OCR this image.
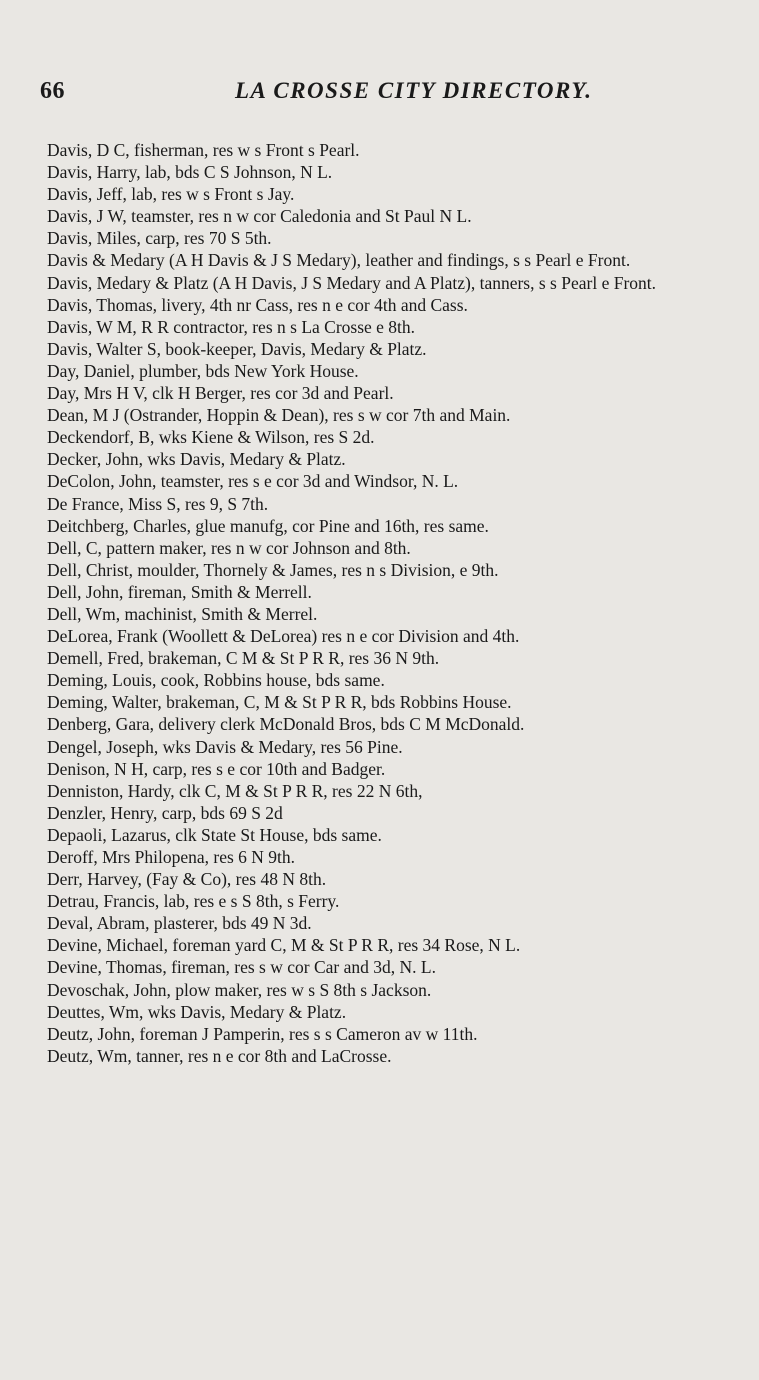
66	LA CROSSE CITY DIRECTORY.
Davis, D C, fisherman, res w s Front s Pearl.
Davis, Harry, lab, bds C S Johnson, N L.
Davis, Jeff, lab, res w s Front s Jay.
Davis, J W, teamster, res n w cor Caledonia and St Paul N L.
Davis, Miles, carp, res 70 S 5th.
Davis & Medary (A H Davis & J S Medary), leather and findings, s s Pearl e Front.
Davis, Medary & Platz (A H Davis, J S Medary and A Platz), tanners, s s Pearl e Front.
Davis, Thomas, livery, 4th nr Cass, res n e cor 4th and Cass.
Davis, W M, R R contractor, res n s La Crosse e 8th.
Davis, Walter S, book-keeper, Davis, Medary & Platz.
Day, Daniel, plumber, bds New York House.
Day, Mrs H V, clk H Berger, res cor 3d and Pearl.
Dean, M J (Ostrander, Hoppin & Dean), res s w cor 7th and Main.
Deckendorf, B, wks Kiene & Wilson, res S 2d.
Decker, John, wks Davis, Medary & Platz.
DeColon, John, teamster, res s e cor 3d and Windsor, N. L.
De France, Miss S, res 9, S 7th.
Deitchberg, Charles, glue manufg, cor Pine and 16th, res same.
Dell, C, pattern maker, res n w cor Johnson and 8th.
Dell, Christ, moulder, Thornely & James, res n s Division, e 9th.
Dell, John, fireman, Smith & Merrell.
Dell, Wm, machinist, Smith & Merrel.
DeLorea, Frank (Woollett & DeLorea) res n e cor Division and 4th.
Demell, Fred, brakeman, C M & St P R R, res 36 N 9th.
Deming, Louis, cook, Robbins house, bds same.
Deming, Walter, brakeman, C, M & St P R R, bds Robbins House.
Denberg, Gara, delivery clerk McDonald Bros, bds C M McDonald.
Dengel, Joseph, wks Davis & Medary, res 56 Pine.
Denison, N H, carp, res s e cor 10th and Badger.
Denniston, Hardy, clk C, M & St P R R, res 22 N 6th,
Denzler, Henry, carp, bds 69 S 2d
Depaoli, Lazarus, clk State St House, bds same.
Deroff, Mrs Philopena, res 6 N 9th.
Derr, Harvey, (Fay & Co), res 48 N 8th.
Detrau, Francis, lab, res e s S 8th, s Ferry.
Deval, Abram, plasterer, bds 49 N 3d.
Devine, Michael, foreman yard C, M & St P R R, res 34 Rose, N L.
Devine, Thomas, fireman, res s w cor Car and 3d, N. L.
Devoschak, John, plow maker, res w s S 8th s Jackson.
Deuttes, Wm, wks Davis, Medary & Platz.
Deutz, John, foreman J Pamperin, res s s Cameron av w 11th.
Deutz, Wm, tanner, res n e cor 8th and LaCrosse.
